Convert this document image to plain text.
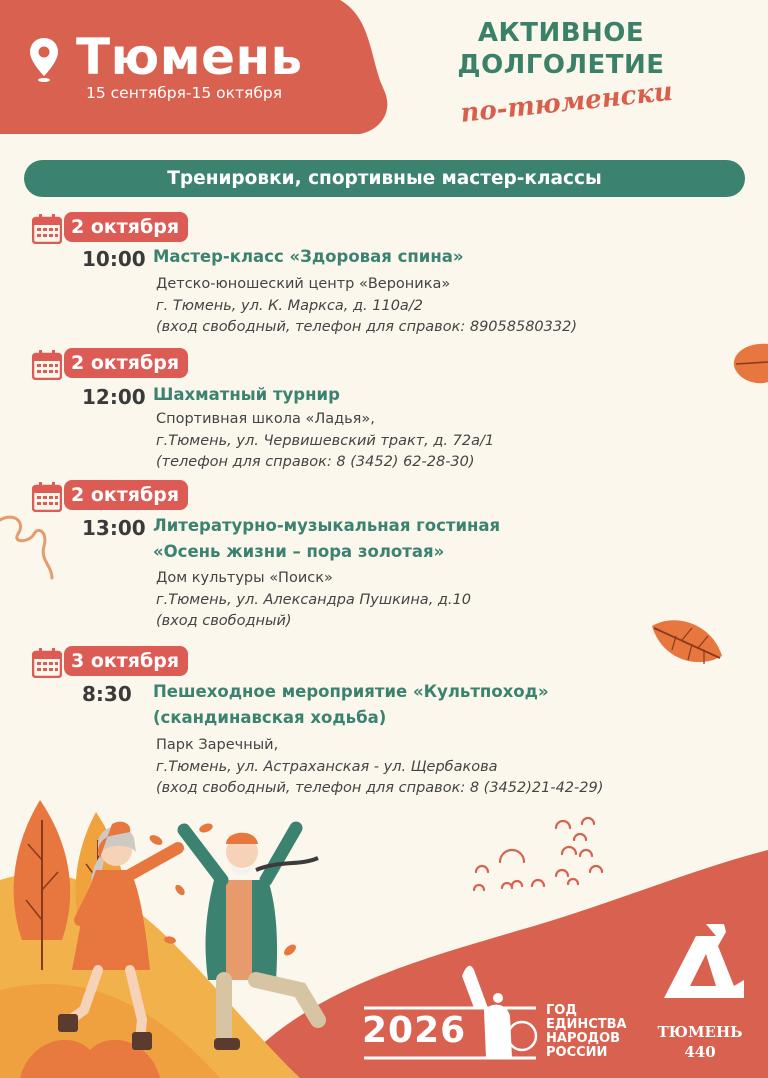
Тюмень
15 сентября-15 октября
АКТИВНОЕ
ДОЛГОЛЕТИЕ
по-тюменски
Тренировки, спортивные мастер-классы
2 октября
10:00 Мастер-класс «Здоровая спина»
Детско-юношеский центр «Вероника»
г. Тюмень, ул. К. Маркса, д. 110а/2
(вход свободный, телефон для справок: 89058580332)
2 октября
12:00 Шахматный турнир
Спортивная школа «Ладья»,
г.Тюмень, ул. Червишевский тракт, д. 72а/1
(телефон для справок: 8 (3452) 62-28-30)
2 октября
13:00 Литературно-музыкальная гостиная
«Осень жизни – пора золотая»
Дом культуры «Поиск»
г.Тюмень, ул. Александра Пушкина, д.10
(вход свободный)
3 октября
8:30 Пешеходное мероприятие «Культпоход»
(скандинавская ходьба)
Парк Заречный,
г.Тюмень, ул. Астраханская - ул. Щербакова
(вход свободный, телефон для справок: 8 (3452)21-42-29)
2026	ГОД
ЕДИНСТВА
НАРОДОВ
РОССИИ
ТЮМЕНЬ
440
